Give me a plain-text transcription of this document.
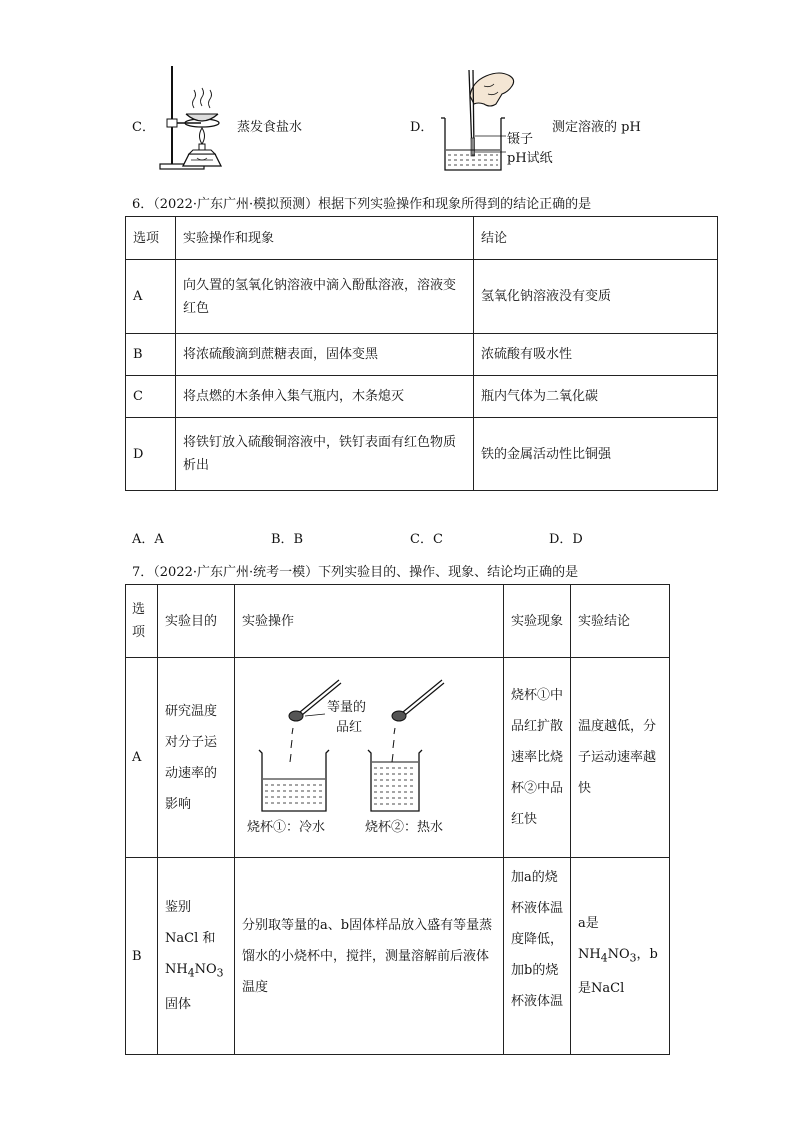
C．	蒸发食盐水	D．
镊子
pH试纸
测定溶液的 pH
6．（2022·广东广州·模拟预测）根据下列实验操作和现象所得到的结论正确的是
选项	实验操作和现象	结论
A	向久置的氢氧化钠溶液中滴入酚酞溶液，溶液变红色	氢氧化钠溶液没有变质
B	将浓硫酸滴到蔗糖表面，固体变黑	浓硫酸有吸水性
C	将点燃的木条伸入集气瓶内，木条熄灭	瓶内气体为二氧化碳
D	将铁钉放入硫酸铜溶液中，铁钉表面有红色物质析出	铁的金属活动性比铜强
A．A	B．B	C．C	D．D
7．（2022·广东广州·统考一模）下列实验目的、操作、现象、结论均正确的是
选项	实验目的	实验操作	实验现象	实验结论
A	研究温度对分子运动速率的影响	等量的
品红
烧杯①：冷水 烧杯②：热水	烧杯①中品红扩散速率比烧杯②中品红快	温度越低，分子运动速率越快
B	鉴别 NaCl 和 $NH_4NO_3$固体	分别取等量的a、b固体样品放入盛有等量蒸馏水的小烧杯中，搅拌，测量溶解前后液体温度	加a的烧杯液体温度降低，加b的烧杯液体温	a是$NH_4NO_3$，b是NaCl
